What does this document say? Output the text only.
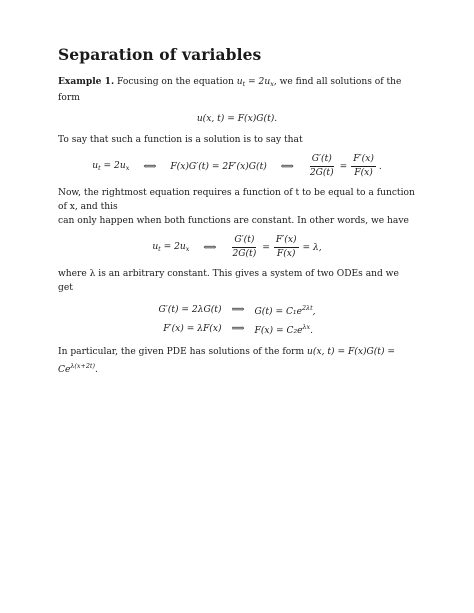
Separation of variables

Example 1. Focusing on the equation $u_t = 2u_x$, we find all solutions of the form

u(x, t) = F(x)G(t).

To say that such a function is a solution is to say that

$u_t = 2u_x$ ⟺ F(x)G′(t) = 2F′(x)G(t) ⟺ $\frac{G'(t)}{2G(t)} = \frac{F'(x)}{F(x)}$ .

Now, the rightmost equation requires a function of t to be equal to a function of x, and this
can only happen when both functions are constant. In other words, we have

$u_t = 2u_x$ ⟺ $\frac{G'(t)}{2G(t)} = \frac{F'(x)}{F(x)} = \lambda$,

where λ is an arbitrary constant. This gives a system of two ODEs and we get

G′(t) = 2λG(t)	⟹	$G(t) = C_1e^{2\lambda t}$,
F′(x) = λF(x)	⟹	$F(x) = C_2e^{\lambda x}$.

In particular, the given PDE has solutions of the form u(x, $t) = F(x)G(t) = Ce^{\lambda(x+2t)}$.
